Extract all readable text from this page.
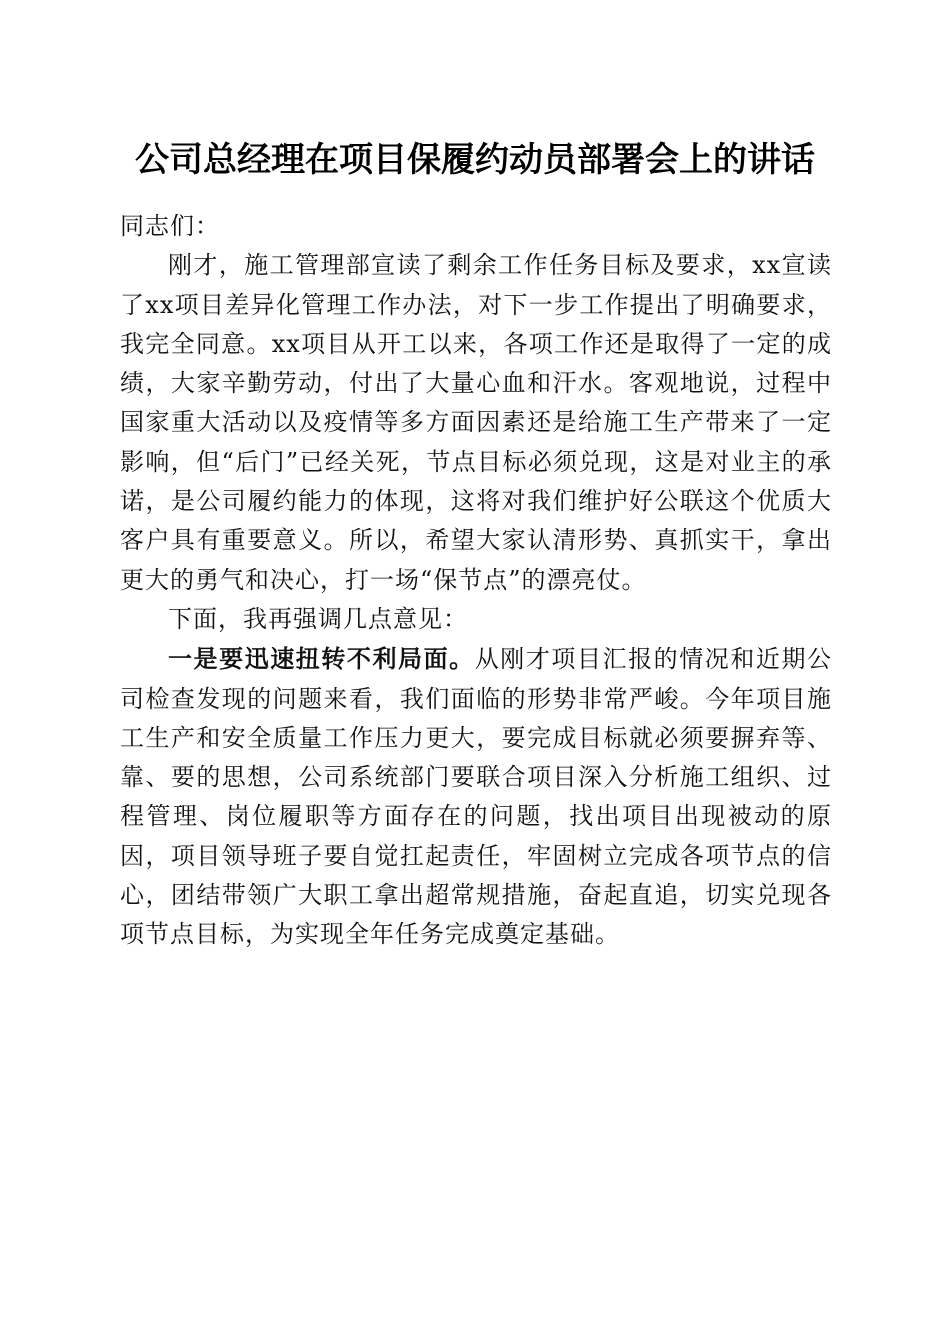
公司总经理在项目保履约动员部署会上的讲话

同志们：

刚才，施工管理部宣读了剩余工作任务目标及要求，xx宣读了xx项目差异化管理工作办法，对下一步工作提出了明确要求，我完全同意。xx项目从开工以来，各项工作还是取得了一定的成绩，大家辛勤劳动，付出了大量心血和汗水。客观地说，过程中国家重大活动以及疫情等多方面因素还是给施工生产带来了一定影响，但“后门”已经关死，节点目标必须兑现，这是对业主的承诺，是公司履约能力的体现，这将对我们维护好公联这个优质大客户具有重要意义。所以，希望大家认清形势、真抓实干，拿出更大的勇气和决心，打一场“保节点”的漂亮仗。

下面，我再强调几点意见：

一是要迅速扭转不利局面。从刚才项目汇报的情况和近期公司检查发现的问题来看，我们面临的形势非常严峻。今年项目施工生产和安全质量工作压力更大，要完成目标就必须要摒弃等、靠、要的思想，公司系统部门要联合项目深入分析施工组织、过程管理、岗位履职等方面存在的问题，找出项目出现被动的原因，项目领导班子要自觉扛起责任，牢固树立完成各项节点的信心，团结带领广大职工拿出超常规措施，奋起直追，切实兑现各项节点目标，为实现全年任务完成奠定基础。
